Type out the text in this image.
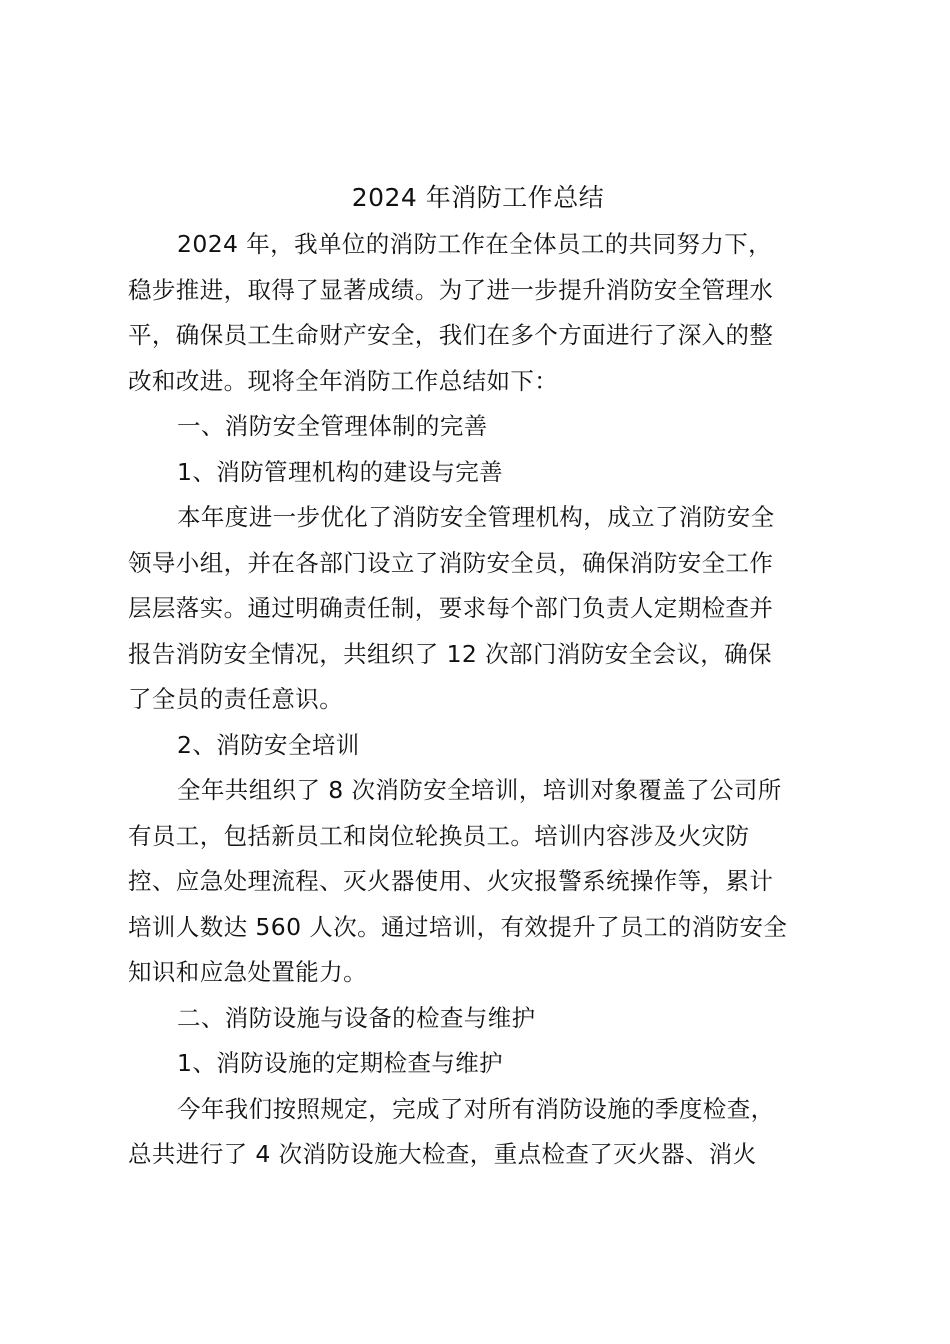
2024 年消防工作总结

2024 年，我单位的消防工作在全体员工的共同努力下，
稳步推进，取得了显著成绩。为了进一步提升消防安全管理水
平，确保员工生命财产安全，我们在多个方面进行了深入的整
改和改进。现将全年消防工作总结如下：

一、消防安全管理体制的完善

1、消防管理机构的建设与完善

本年度进一步优化了消防安全管理机构，成立了消防安全
领导小组，并在各部门设立了消防安全员，确保消防安全工作
层层落实。通过明确责任制，要求每个部门负责人定期检查并
报告消防安全情况，共组织了 12 次部门消防安全会议，确保
了全员的责任意识。

2、消防安全培训

全年共组织了 8 次消防安全培训，培训对象覆盖了公司所
有员工，包括新员工和岗位轮换员工。培训内容涉及火灾防
控、应急处理流程、灭火器使用、火灾报警系统操作等，累计
培训人数达 560 人次。通过培训，有效提升了员工的消防安全
知识和应急处置能力。

二、消防设施与设备的检查与维护

1、消防设施的定期检查与维护

今年我们按照规定，完成了对所有消防设施的季度检查，
总共进行了 4 次消防设施大检查，重点检查了灭火器、消火
